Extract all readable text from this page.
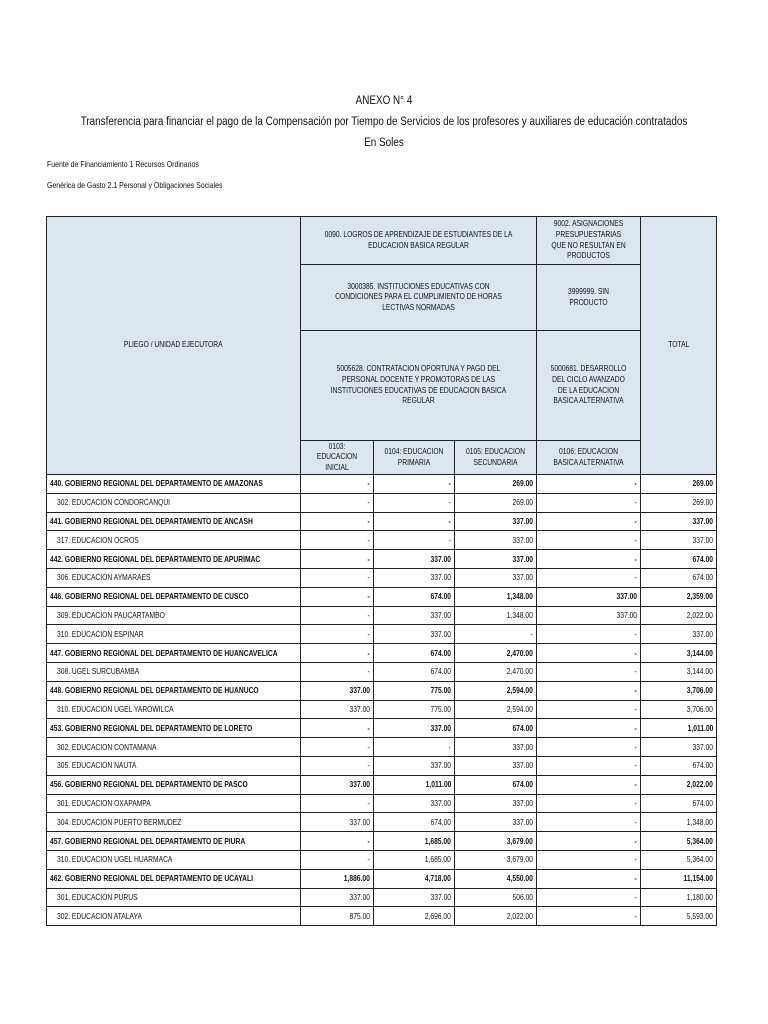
ANEXO N° 4
Transferencia para financiar el pago de la Compensación por Tiempo de Servicios de los profesores y auxiliares de educación contratados
En Soles
Fuente de Financiamiento 1 Recursos Ordinarios
Genérica de Gasto 2.1 Personal y Obligaciones Sociales
PLIEGO / UNIDAD EJECUTORA	0090. LOGROS DE APRENDIZAJE DE ESTUDIANTES DE LA EDUCACION BASICA REGULAR			9002. ASIGNACIONES PRESUPUESTARIAS QUE NO RESULTAN EN PRODUCTOS	TOTAL
	3000385. INSTITUCIONES EDUCATIVAS CON CONDICIONES PARA EL CUMPLIMIENTO DE HORAS LECTIVAS NORMADAS			3999999. SIN PRODUCTO	
	5005628. CONTRATACION OPORTUNA Y PAGO DEL PERSONAL DOCENTE Y PROMOTORAS DE LAS INSTITUCIONES EDUCATIVAS DE EDUCACION BASICA REGULAR			5000681. DESARROLLO DEL CICLO AVANZADO DE LA EDUCACION BASICA ALTERNATIVA	
	0103: EDUCACION INICIAL	0104: EDUCACION PRIMARIA	0105: EDUCACION SECUNDARIA	0106: EDUCACION BASICA ALTERNATIVA	
440. GOBIERNO REGIONAL DEL DEPARTAMENTO DE AMAZONAS	-	-	269.00	-	269.00
302. EDUCACION CONDORCANQUI	-	-	269.00	-	269.00
441. GOBIERNO REGIONAL DEL DEPARTAMENTO DE ANCASH	-	-	337.00	-	337.00
317. EDUCACION OCROS	-	-	337.00	-	337.00
442. GOBIERNO REGIONAL DEL DEPARTAMENTO DE APURIMAC	-	337.00	337.00	-	674.00
306. EDUCACION AYMARAES	-	337.00	337.00	-	674.00
446. GOBIERNO REGIONAL DEL DEPARTAMENTO DE CUSCO	-	674.00	1,348.00	337.00	2,359.00
309. EDUCACION PAUCARTAMBO	-	337.00	1,348.00	337.00	2,022.00
310. EDUCACION ESPINAR	-	337.00	-	-	337.00
447. GOBIERNO REGIONAL DEL DEPARTAMENTO DE HUANCAVELICA	-	674.00	2,470.00	-	3,144.00
308. UGEL SURCUBAMBA	-	674.00	2,470.00	-	3,144.00
448. GOBIERNO REGIONAL DEL DEPARTAMENTO DE HUANUCO	337.00	775.00	2,594.00	-	3,706.00
310. EDUCACION UGEL YAROWILCA	337.00	775.00	2,594.00	-	3,706.00
453. GOBIERNO REGIONAL DEL DEPARTAMENTO DE LORETO	-	337.00	674.00	-	1,011.00
302. EDUCACION CONTAMANA	-	-	337.00	-	337.00
305. EDUCACION NAUTA	-	337.00	337.00	-	674.00
456. GOBIERNO REGIONAL DEL DEPARTAMENTO DE PASCO	337.00	1,011.00	674.00	-	2,022.00
301. EDUCACION OXAPAMPA	-	337.00	337.00	-	674.00
304. EDUCACION PUERTO BERMUDEZ	337.00	674.00	337.00	-	1,348.00
457. GOBIERNO REGIONAL DEL DEPARTAMENTO DE PIURA	-	1,685.00	3,679.00	-	5,364.00
310. EDUCACION UGEL HUARMACA	-	1,685.00	3,679.00	-	5,364.00
462. GOBIERNO REGIONAL DEL DEPARTAMENTO DE UCAYALI	1,886.00	4,718.00	4,550.00	-	11,154.00
301. EDUCACION PURUS	337.00	337.00	506.00	-	1,180.00
302. EDUCACION ATALAYA	875.00	2,696.00	2,022.00	-	5,593.00
